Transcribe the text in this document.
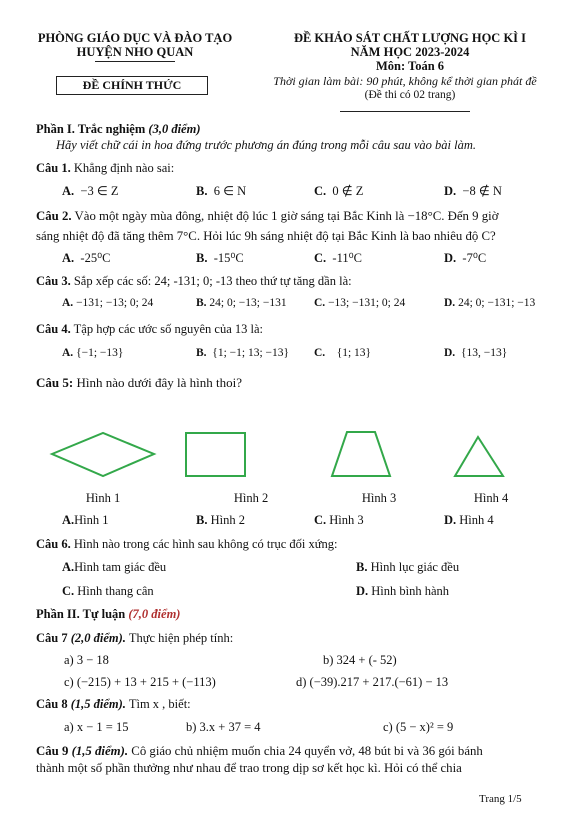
PHÒNG GIÁO DỤC VÀ ĐÀO TẠO
HUYỆN NHO QUAN
ĐỀ CHÍNH THỨC
ĐỀ KHẢO SÁT CHẤT LƯỢNG HỌC KÌ I
NĂM HỌC 2023-2024
Môn: Toán 6
Thời gian làm bài: 90 phút, không kể thời gian phát đề
(Đề thi có 02 trang)
Phần I. Trắc nghiệm (3,0 điểm)
Hãy viết chữ cái in hoa đứng trước phương án đúng trong mỗi câu sau vào bài làm.
Câu 1. Khẳng định nào sai:
A. −3 ∈ Z	B. 6 ∈ N	C. 0 ∉ Z	D. −8 ∉ N
Câu 2. Vào một ngày mùa đông, nhiệt độ lúc 1 giờ sáng tại Bắc Kinh là −18°C. Đến 9 giờ
sáng nhiệt độ đã tăng thêm 7°C. Hỏi lúc 9h sáng nhiệt độ tại Bắc Kinh là bao nhiêu độ C?
A. -25⁰C	B. -15⁰C	C. -11⁰C	D. -7⁰C
Câu 3. Sắp xếp các số: 24; -131; 0; -13 theo thứ tự tăng dần là:
A. −131; −13; 0; 24	B. 24; 0; −13; −131 C. −13; −131; 0; 24	D. 24; 0; −131; −13
Câu 4. Tập hợp các ước số nguyên của 13 là:
A. {−1; −13}	B. {1; −1; 13; −13} C. {1; 13}	D. {13, −13}
Câu 5: Hình nào dưới đây là hình thoi?
Hình 1	Hình 2	Hình 3	Hình 4
A.Hình 1	B. Hình 2	C. Hình 3	D. Hình 4
Câu 6. Hình nào trong các hình sau không có trục đối xứng:
A.Hình tam giác đều	B. Hình lục giác đều
C. Hình thang cân	D. Hình bình hành
Phần II. Tự luận (7,0 điểm)
Câu 7 (2,0 điểm). Thực hiện phép tính:
a) 3 − 18	b) 324 + (- 52)
c) (−215) + 13 + 215 + (−113)	d) (−39).217 + 217.(−61) − 13
Câu 8 (1,5 điểm). Tìm x , biết:
a) x − 1 = 15	b) 3.x + 37 = 4	c) (5 − x)² = 9
Câu 9 (1,5 điểm). Cô giáo chủ nhiệm muốn chia 24 quyển vở, 48 bút bi và 36 gói bánh
thành một số phần thưởng như nhau để trao trong dịp sơ kết học kì. Hỏi có thể chia
Trang 1/5
